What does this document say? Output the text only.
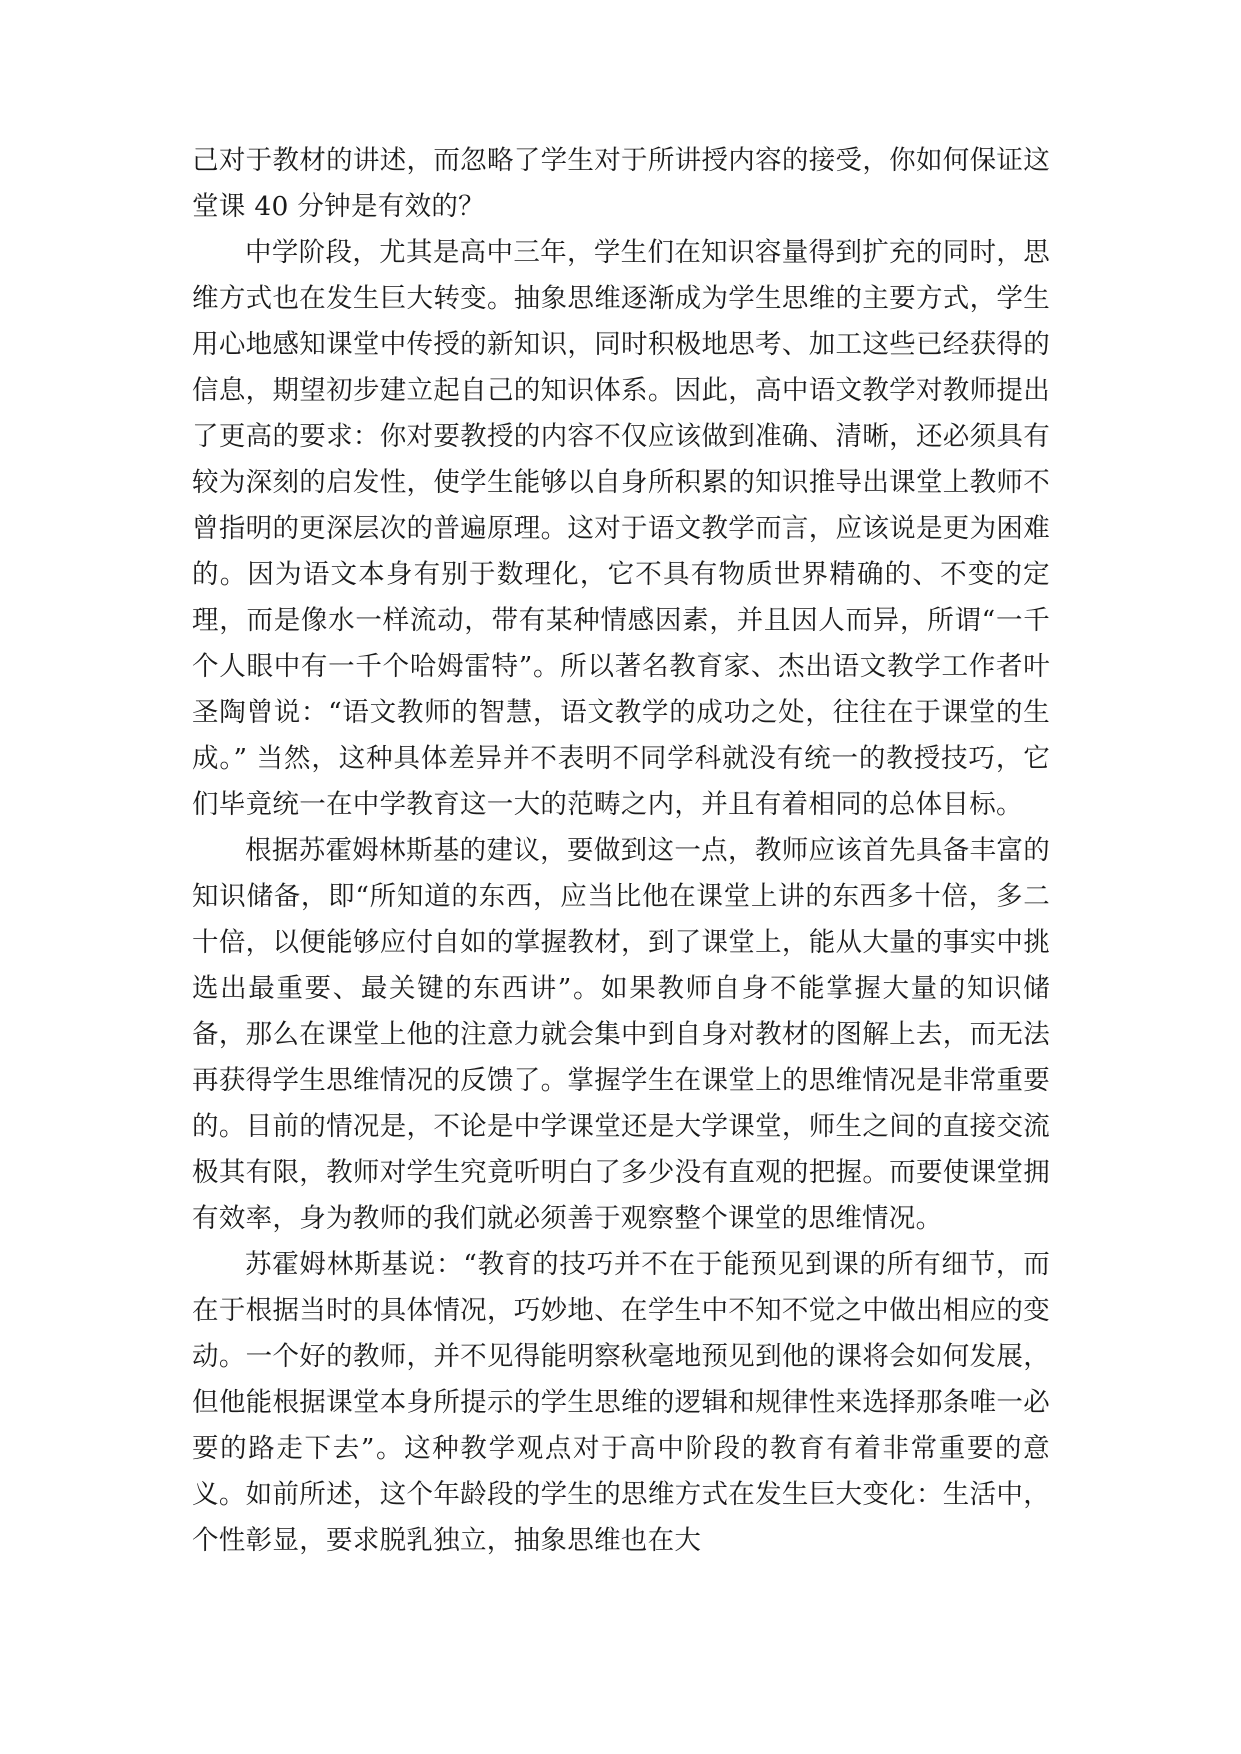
己对于教材的讲述，而忽略了学生对于所讲授内容的接受，你如何保证这堂课 40 分钟是有效的？

中学阶段，尤其是高中三年，学生们在知识容量得到扩充的同时，思维方式也在发生巨大转变。抽象思维逐渐成为学生思维的主要方式，学生用心地感知课堂中传授的新知识，同时积极地思考、加工这些已经获得的信息，期望初步建立起自己的知识体系。因此，高中语文教学对教师提出了更高的要求：你对要教授的内容不仅应该做到准确、清晰，还必须具有较为深刻的启发性，使学生能够以自身所积累的知识推导出课堂上教师不曾指明的更深层次的普遍原理。这对于语文教学而言，应该说是更为困难的。因为语文本身有别于数理化，它不具有物质世界精确的、不变的定理，而是像水一样流动，带有某种情感因素，并且因人而异，所谓“一千个人眼中有一千个哈姆雷特”。所以著名教育家、杰出语文教学工作者叶圣陶曾说：“语文教师的智慧，语文教学的成功之处，往往在于课堂的生成。” 当然，这种具体差异并不表明不同学科就没有统一的教授技巧，它们毕竟统一在中学教育这一大的范畴之内，并且有着相同的总体目标。

根据苏霍姆林斯基的建议，要做到这一点，教师应该首先具备丰富的知识储备，即“所知道的东西，应当比他在课堂上讲的东西多十倍，多二十倍，以便能够应付自如的掌握教材，到了课堂上，能从大量的事实中挑选出最重要、最关键的东西讲”。如果教师自身不能掌握大量的知识储备，那么在课堂上他的注意力就会集中到自身对教材的图解上去，而无法再获得学生思维情况的反馈了。掌握学生在课堂上的思维情况是非常重要的。目前的情况是，不论是中学课堂还是大学课堂，师生之间的直接交流极其有限，教师对学生究竟听明白了多少没有直观的把握。而要使课堂拥有效率，身为教师的我们就必须善于观察整个课堂的思维情况。

苏霍姆林斯基说：“教育的技巧并不在于能预见到课的所有细节，而在于根据当时的具体情况，巧妙地、在学生中不知不觉之中做出相应的变动。一个好的教师，并不见得能明察秋毫地预见到他的课将会如何发展，但他能根据课堂本身所提示的学生思维的逻辑和规律性来选择那条唯一必要的路走下去”。这种教学观点对于高中阶段的教育有着非常重要的意义。如前所述，这个年龄段的学生的思维方式在发生巨大变化：生活中，个性彰显，要求脱乳独立，抽象思维也在大
